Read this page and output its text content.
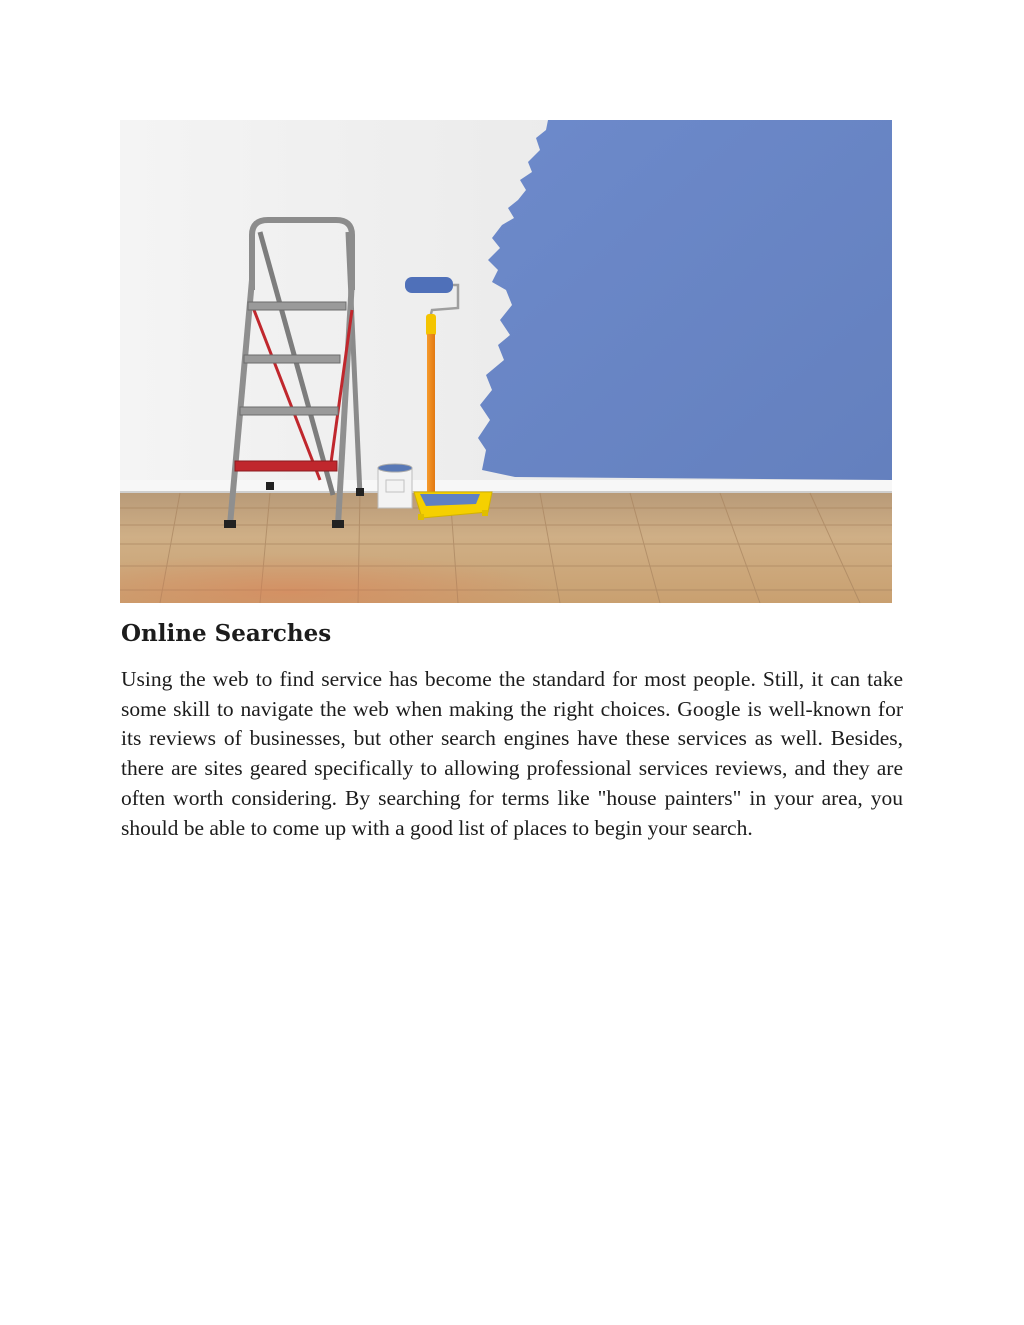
Online Searches

Using the web to find service has become the standard for most people. Still, it can take some skill to navigate the web when making the right choices. Google is well-known for its reviews of businesses, but other search engines have these services as well. Besides, there are sites geared specifically to allowing professional services reviews, and they are often worth considering. By searching for terms like "house painters" in your area, you should be able to come up with a good list of places to begin your search.
